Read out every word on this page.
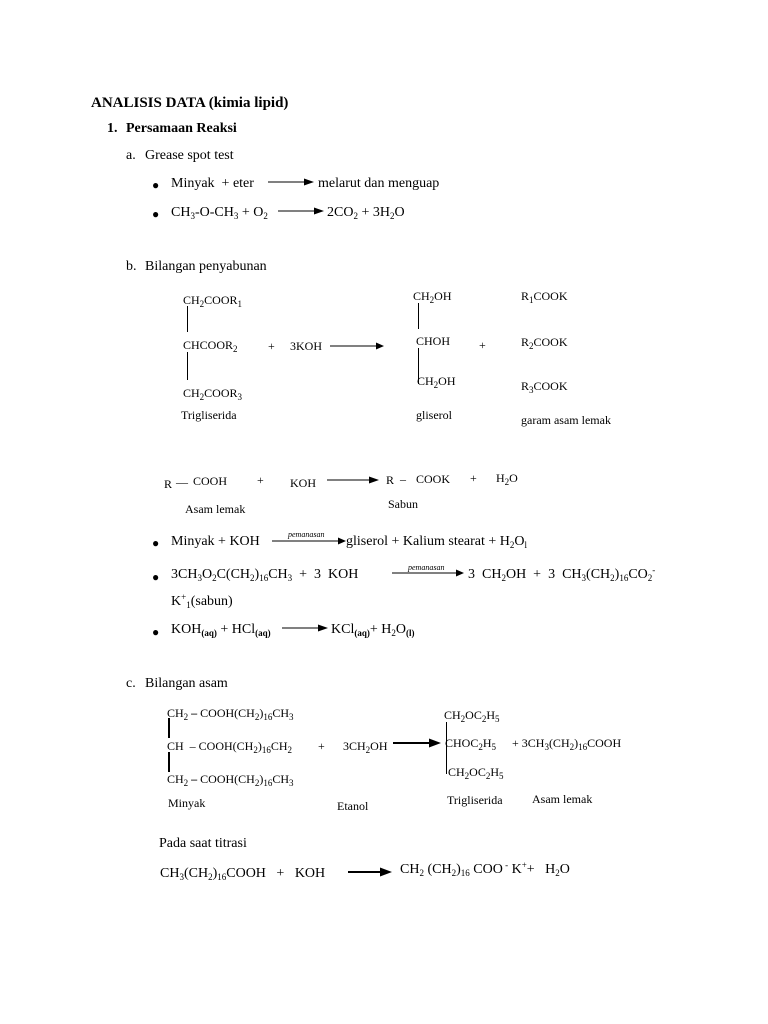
ANALISIS DATA (kimia lipid)
1. Persamaan Reaksi
a. Grease spot test
● Minyak  + eter	melarut dan menguap
● $CH_3-O-CH_3 + O_2$	$2CO_2 + 3H_2O$
b. Bilangan penyabunan
$CH_2COOR_1$
$CHCOOR_2$
$CH_2COOR_3$
Trigliserida
+ 3KOH
$CH_2OH$
CHOH
$CH_2OH$
gliserol
+
$R_1COOK$
$R_2COOK$
$R_3COOK$
garam asam lemak
R — COOH + KOH	R – COOK + $H_2O$
Asam lemak	Sabun
● Minyak + KOH	pemanasan gliserol + Kalium stearat + $H_2O_l$
● $3CH_3O_2C(CH_2)_{16}CH_3 + 3$  KOH	pemanasan 3  $CH_2OH + 3$  $CH_3(CH_2)_{16}CO_2^-$
$K^+_1(sabun)$
● $KOH_{(aq)} + HCl_{(aq)}$	$KCl_{(aq)}+ H_2O_{(l)}$
c. Bilangan asam
$CH_2$ – $COOH(CH_2)_{16}CH_3$
CH  – $COOH(CH_2)_{16}CH_2$
$CH_2$ – $COOH(CH_2)_{16}CH_3$
Minyak
+ $3CH_2OH$
Etanol
$CH_2OC_2H_5$
$CHOC_2H_5$
$CH_2OC_2H_5$
Trigliserida
+ $3CH_3(CH_2)_{16}COOH$
Asam lemak
Pada saat titrasi
$CH_3(CH_2)_{16}COOH$   +   KOH	$CH_2$ $(CH_2)_{16}$ COO - $K^++ H_2O$
